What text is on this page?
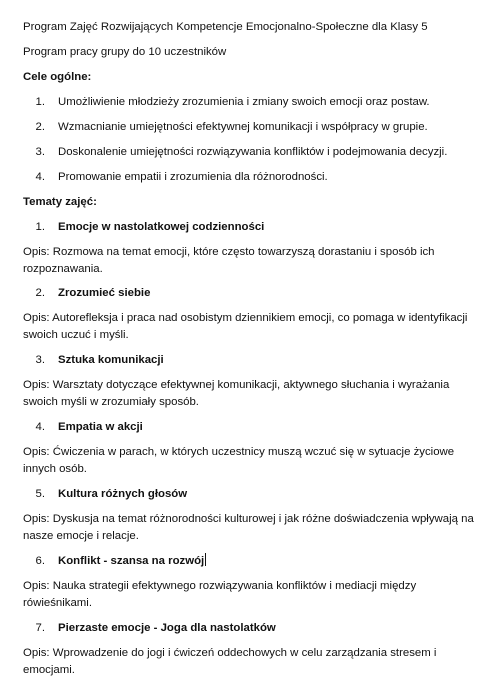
Program Zajęć Rozwijających Kompetencje Emocjonalno-Społeczne dla Klasy 5
Program pracy grupy do 10 uczestników
Cele ogólne:
1. Umożliwienie młodzieży zrozumienia i zmiany swoich emocji oraz postaw.
2. Wzmacnianie umiejętności efektywnej komunikacji i współpracy w grupie.
3. Doskonalenie umiejętności rozwiązywania konfliktów i podejmowania decyzji.
4. Promowanie empatii i zrozumienia dla różnorodności.
Tematy zajęć:
1. Emocje w nastolatkowej codzienności
Opis: Rozmowa na temat emocji, które często towarzyszą dorastaniu i sposób ich rozpoznawania.
2. Zrozumieć siebie
Opis: Autorefleksja i praca nad osobistym dziennikiem emocji, co pomaga w identyfikacji swoich uczuć i myśli.
3. Sztuka komunikacji
Opis: Warsztaty dotyczące efektywnej komunikacji, aktywnego słuchania i wyrażania swoich myśli w zrozumiały sposób.
4. Empatia w akcji
Opis: Ćwiczenia w parach, w których uczestnicy muszą wczuć się w sytuacje życiowe innych osób.
5. Kultura różnych głosów
Opis: Dyskusja na temat różnorodności kulturowej i jak różne doświadczenia wpływają na nasze emocje i relacje.
6. Konflikt - szansa na rozwój
Opis: Nauka strategii efektywnego rozwiązywania konfliktów i mediacji między rówieśnikami.
7. Pierzaste emocje - Joga dla nastolatków
Opis: Wprowadzenie do jogi i ćwiczeń oddechowych w celu zarządzania stresem i emocjami.
